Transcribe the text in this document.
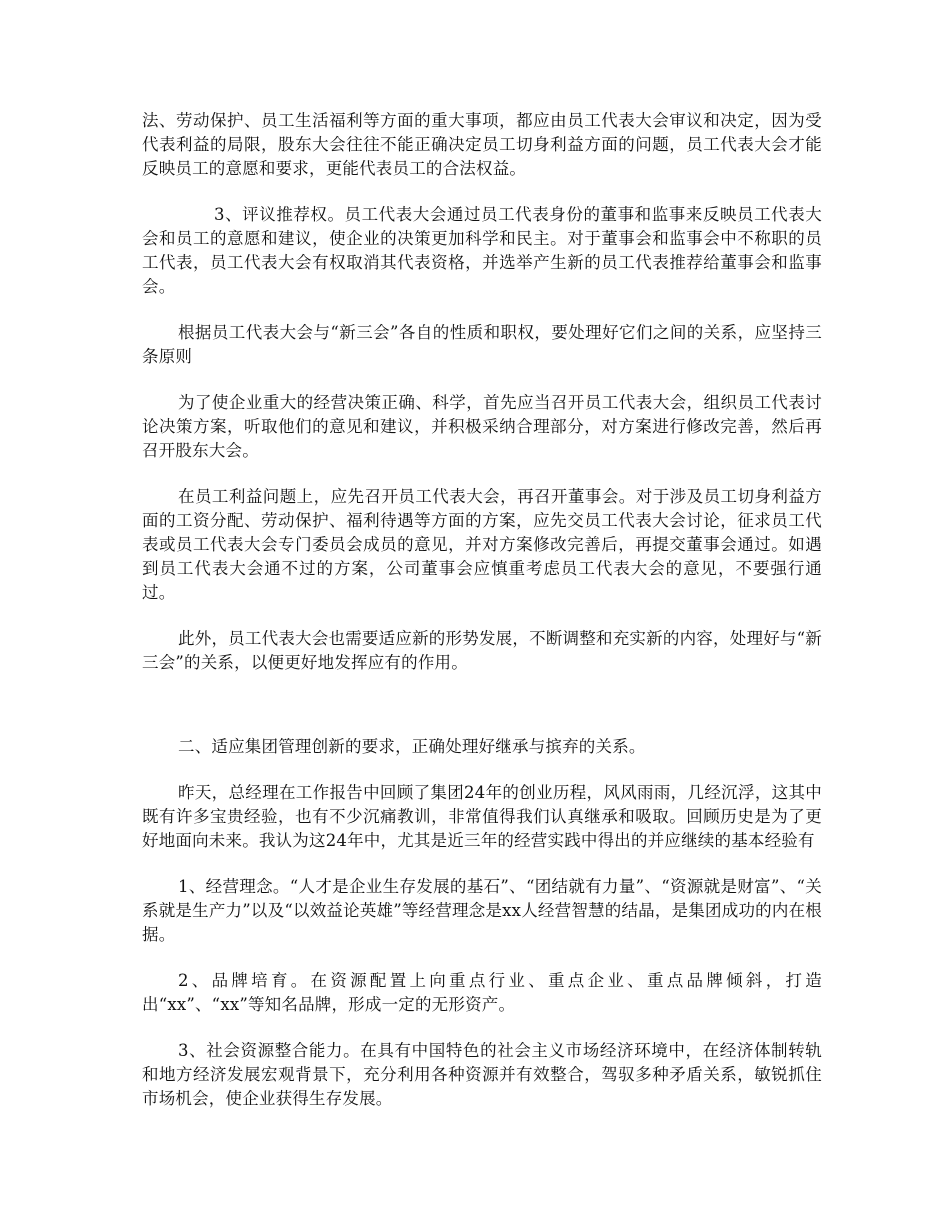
法、劳动保护、员工生活福利等方面的重大事项，都应由员工代表大会审议和决定，因为受代表利益的局限，股东大会往往不能正确决定员工切身利益方面的问题，员工代表大会才能反映员工的意愿和要求，更能代表员工的合法权益。

3、评议推荐权。员工代表大会通过员工代表身份的董事和监事来反映员工代表大会和员工的意愿和建议，使企业的决策更加科学和民主。对于董事会和监事会中不称职的员工代表，员工代表大会有权取消其代表资格，并选举产生新的员工代表推荐给董事会和监事会。

根据员工代表大会与“新三会”各自的性质和职权，要处理好它们之间的关系，应坚持三条原则

为了使企业重大的经营决策正确、科学，首先应当召开员工代表大会，组织员工代表讨论决策方案，听取他们的意见和建议，并积极采纳合理部分，对方案进行修改完善，然后再召开股东大会。

在员工利益问题上，应先召开员工代表大会，再召开董事会。对于涉及员工切身利益方面的工资分配、劳动保护、福利待遇等方面的方案，应先交员工代表大会讨论，征求员工代表或员工代表大会专门委员会成员的意见，并对方案修改完善后，再提交董事会通过。如遇到员工代表大会通不过的方案，公司董事会应慎重考虑员工代表大会的意见，不要强行通过。

此外，员工代表大会也需要适应新的形势发展，不断调整和充实新的内容，处理好与“新三会”的关系，以便更好地发挥应有的作用。

二、适应集团管理创新的要求，正确处理好继承与摈弃的关系。

昨天，总经理在工作报告中回顾了集团24年的创业历程，风风雨雨，几经沉浮，这其中既有许多宝贵经验，也有不少沉痛教训，非常值得我们认真继承和吸取。回顾历史是为了更好地面向未来。我认为这24年中，尤其是近三年的经营实践中得出的并应继续的基本经验有

1、经营理念。“人才是企业生存发展的基石”、“团结就有力量”、“资源就是财富”、“关系就是生产力”以及“以效益论英雄”等经营理念是xx人经营智慧的结晶，是集团成功的内在根据。

2、品牌培育。在资源配置上向重点行业、重点企业、重点品牌倾斜，打造出“xx”、“xx”等知名品牌，形成一定的无形资产。

3、社会资源整合能力。在具有中国特色的社会主义市场经济环境中，在经济体制转轨和地方经济发展宏观背景下，充分利用各种资源并有效整合，驾驭多种矛盾关系，敏锐抓住市场机会，使企业获得生存发展。
